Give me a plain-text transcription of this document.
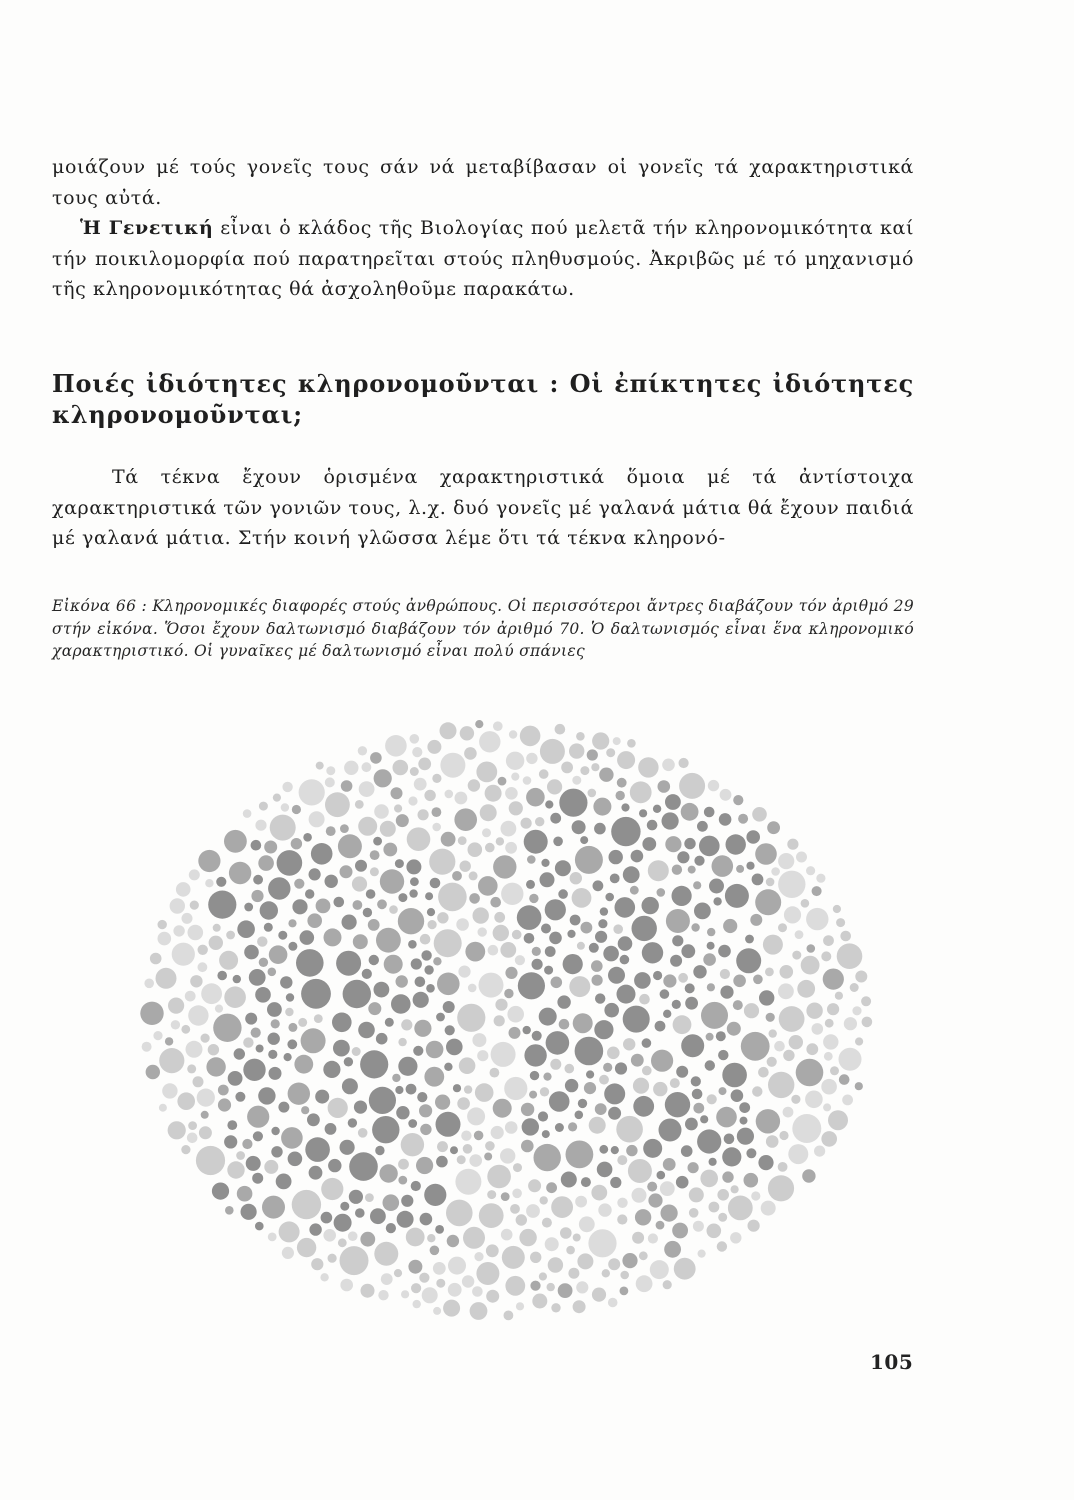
μοιάζουν μέ τούς γονεῖς τους σάν νά μεταβίβασαν οἱ γονεῖς τά χαρακτηριστικά τους αὐτά.

Ἡ Γενετική εἶναι ὁ κλάδος τῆς Βιολογίας πού μελετᾶ τήν κληρονομικότητα καί τήν ποικιλομορφία πού παρατηρεῖται στούς πληθυσμούς. Ἀκριβῶς μέ τό μηχανισμό τῆς κληρονομικότητας θά ἀσχοληθοῦμε παρακάτω.

Ποιές ἰδιότητες κληρονομοῦνται : Οἱ ἐπίκτητες ἰδιότητες κληρονομοῦνται;

Τά τέκνα ἔχουν ὁρισμένα χαρακτηριστικά ὅμοια μέ τά ἀντίστοιχα χαρακτηριστικά τῶν γονιῶν τους, λ.χ. δυό γονεῖς μέ γαλανά μάτια θά ἔχουν παιδιά μέ γαλανά μάτια. Στήν κοινή γλῶσσα λέμε ὅτι τά τέκνα κληρονό-

Εἰκόνα 66 : Κληρονομικές διαφορές στούς ἀνθρώπους. Οἱ περισσότεροι ἄντρες διαβάζουν τόν ἀριθμό 29 στήν εἰκόνα. Ὅσοι ἔχουν δαλτωνισμό διαβάζουν τόν ἀριθμό 70. Ὁ δαλτωνισμός εἶναι ἕνα κληρονομικό χαρακτηριστικό. Οἱ γυναῖκες μέ δαλτωνισμό εἶναι πολύ σπάνιες

105
